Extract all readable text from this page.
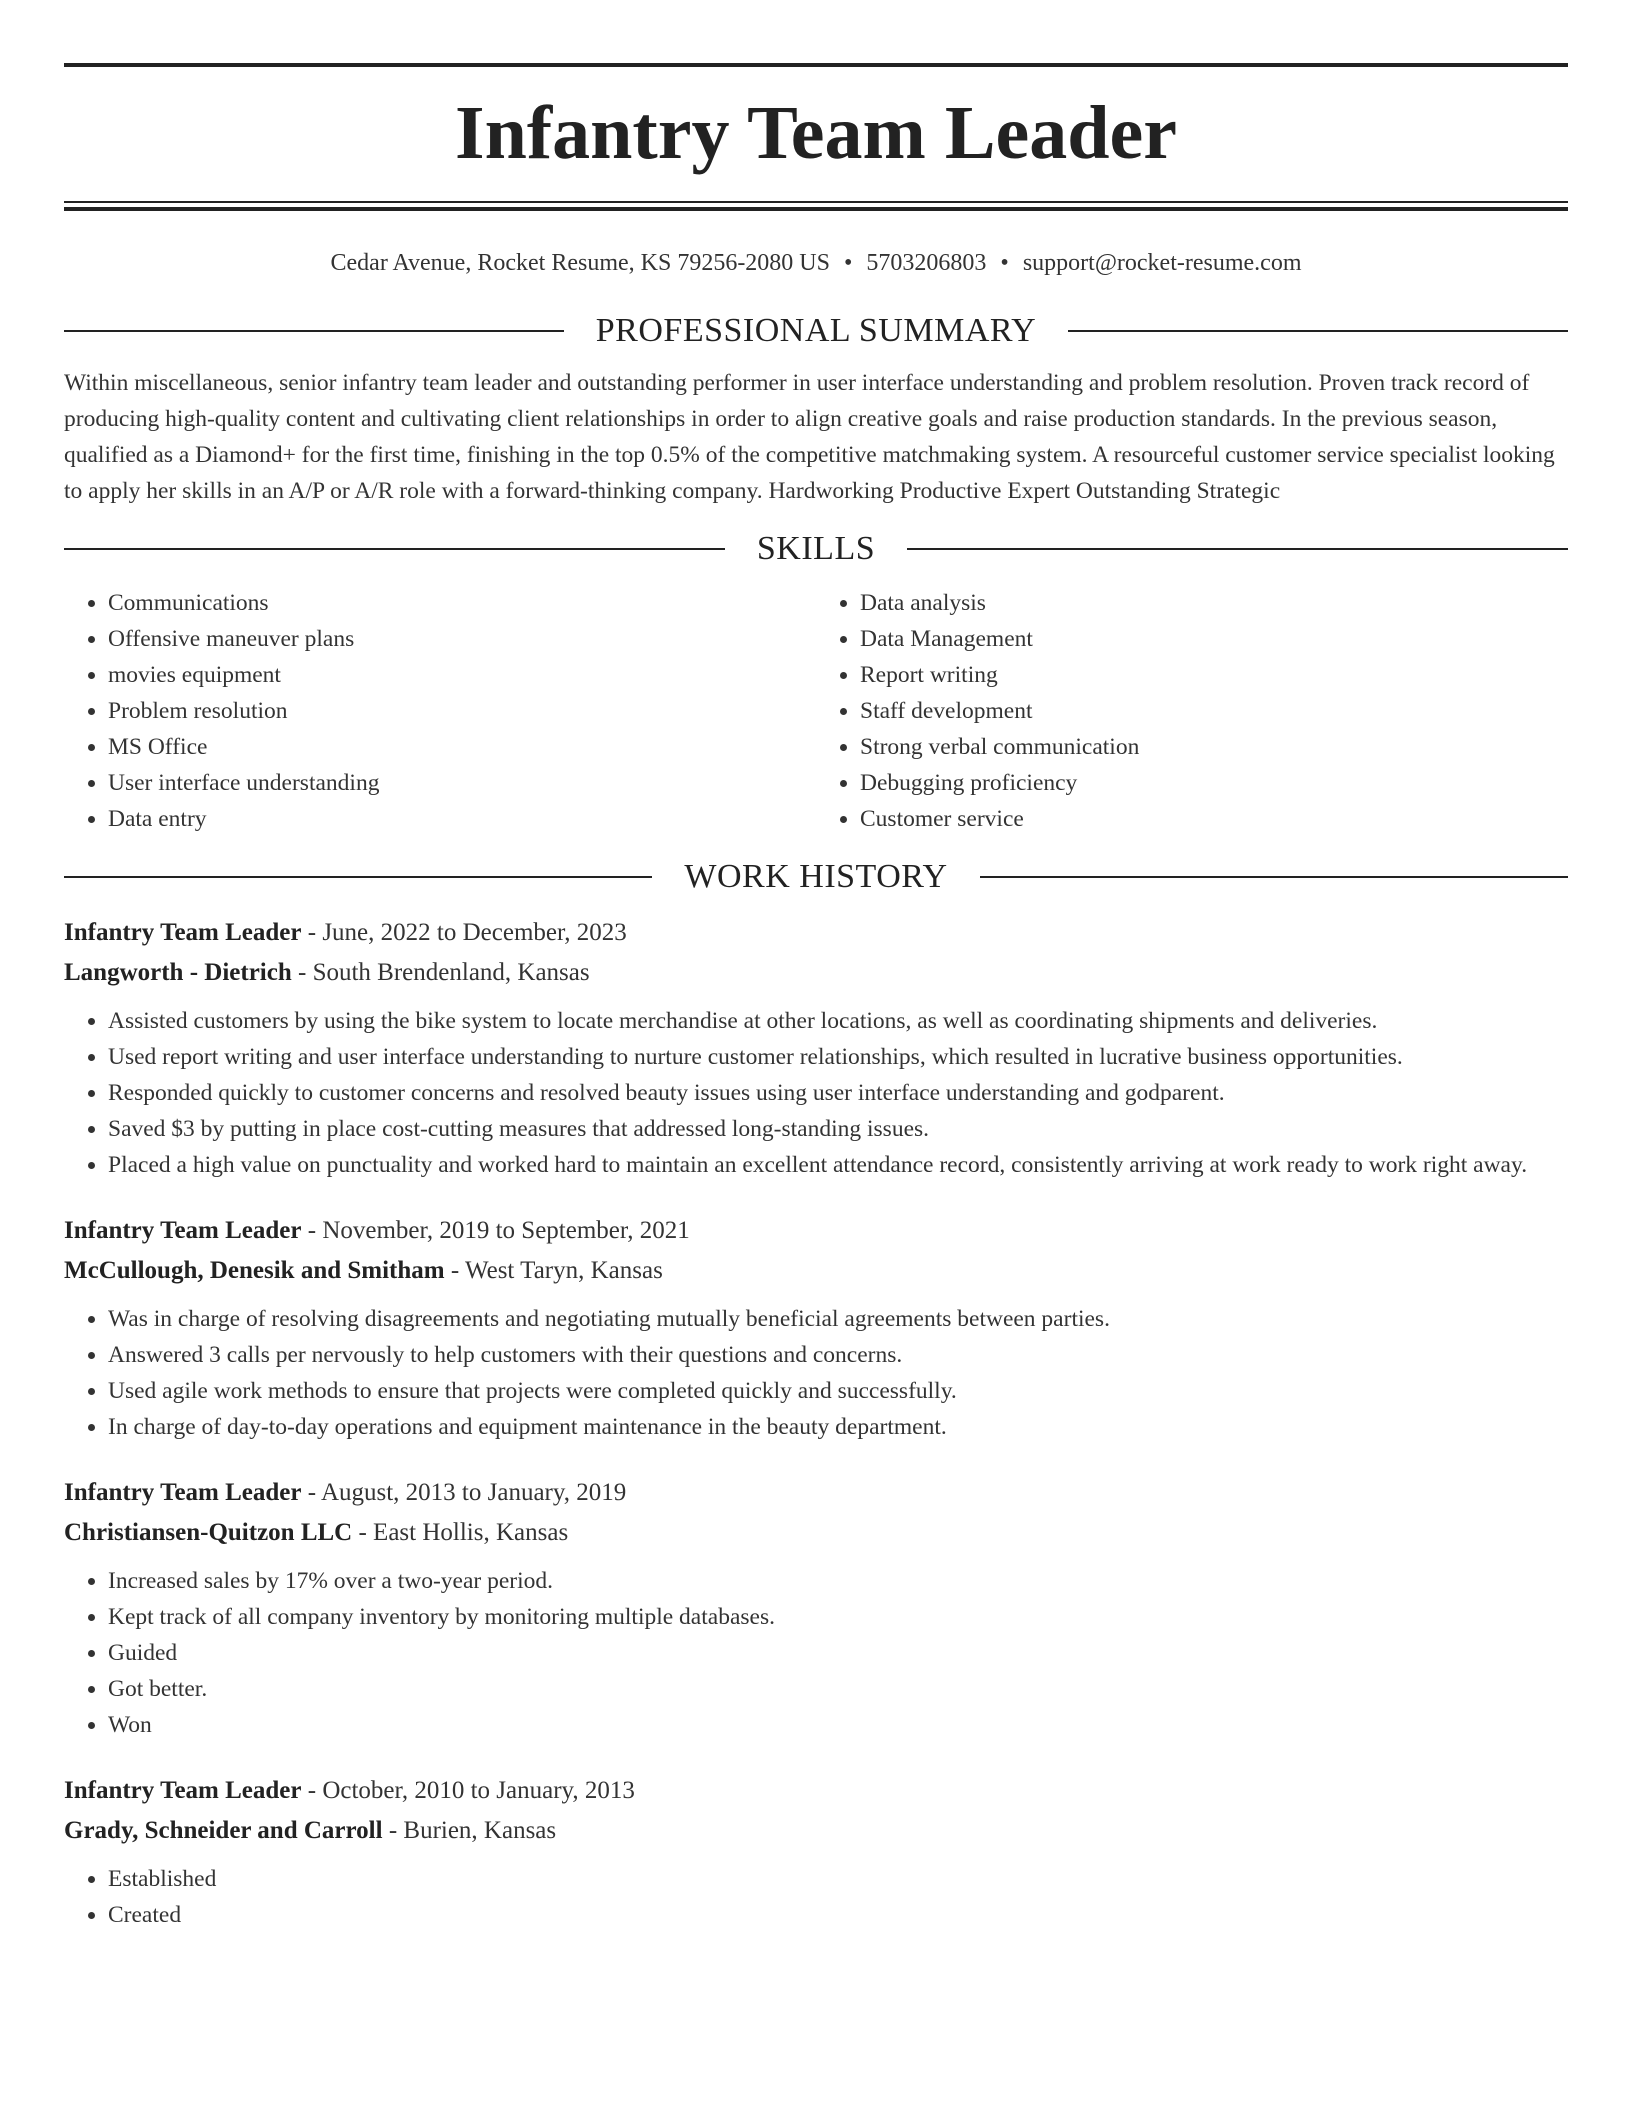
Infantry Team Leader
Cedar Avenue, Rocket Resume, KS 79256-2080 US • 5703206803 • support@rocket-resume.com
PROFESSIONAL SUMMARY

Within miscellaneous, senior infantry team leader and outstanding performer in user interface understanding and problem resolution. Proven track record of producing high-quality content and cultivating client relationships in order to align creative goals and raise production standards. In the previous season, qualified as a Diamond+ for the first time, finishing in the top 0.5% of the competitive matchmaking system. A resourceful customer service specialist looking to apply her skills in an A/P or A/R role with a forward-thinking company. Hardworking Productive Expert Outstanding Strategic

SKILLS
• Communications
• Offensive maneuver plans
• movies equipment
• Problem resolution
• MS Office
• User interface understanding
• Data entry
• Data analysis
• Data Management
• Report writing
• Staff development
• Strong verbal communication
• Debugging proficiency
• Customer service
WORK HISTORY
Infantry Team Leader - June, 2022 to December, 2023
Langworth - Dietrich - South Brendenland, Kansas
• Assisted customers by using the bike system to locate merchandise at other locations, as well as coordinating shipments and deliveries.
• Used report writing and user interface understanding to nurture customer relationships, which resulted in lucrative business opportunities.
• Responded quickly to customer concerns and resolved beauty issues using user interface understanding and godparent.
• Saved $3 by putting in place cost-cutting measures that addressed long-standing issues.
• Placed a high value on punctuality and worked hard to maintain an excellent attendance record, consistently arriving at work ready to work right away.
Infantry Team Leader - November, 2019 to September, 2021
McCullough, Denesik and Smitham - West Taryn, Kansas
• Was in charge of resolving disagreements and negotiating mutually beneficial agreements between parties.
• Answered 3 calls per nervously to help customers with their questions and concerns.
• Used agile work methods to ensure that projects were completed quickly and successfully.
• In charge of day-to-day operations and equipment maintenance in the beauty department.
Infantry Team Leader - August, 2013 to January, 2019
Christiansen-Quitzon LLC - East Hollis, Kansas
• Increased sales by 17% over a two-year period.
• Kept track of all company inventory by monitoring multiple databases.
• Guided
• Got better.
• Won
Infantry Team Leader - October, 2010 to January, 2013
Grady, Schneider and Carroll - Burien, Kansas
• Established
• Created
